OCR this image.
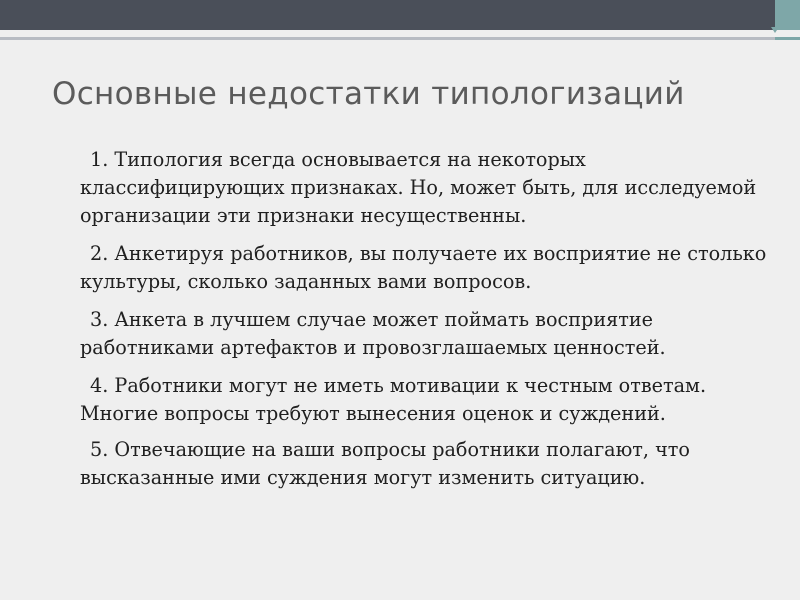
Основные недостатки типологизаций

1. Типология всегда основывается на некоторых классифицирующих признаках. Но, может быть, для исследуемой организации эти признаки несущественны.

2. Анкетируя работников, вы получаете их восприятие не столько культуры, сколько заданных вами вопросов.

3. Анкета в лучшем случае может поймать восприятие работниками артефактов и провозглашаемых ценностей.

4. Работники могут не иметь мотивации к честным ответам. Многие вопросы требуют вынесения оценок и суждений.

5. Отвечающие на ваши вопросы работники полагают, что высказанные ими суждения могут изменить ситуацию.
